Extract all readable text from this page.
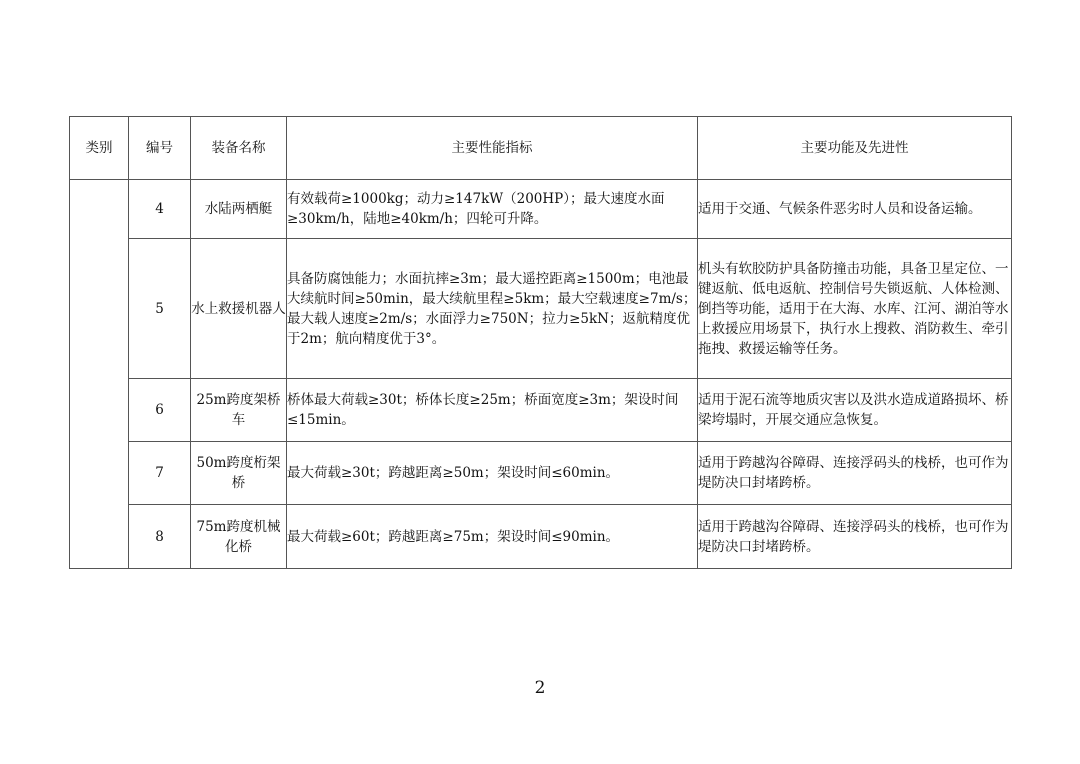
类别	编号	装备名称	主要性能指标	主要功能及先进性
	4	水陆两栖艇	有效载荷≥1000kg；动力≥147kW（200HP）；最大速度水面≥30km/h，陆地≥40km/h；四轮可升降。	适用于交通、气候条件恶劣时人员和设备运输。
	5	水上救援机器人	具备防腐蚀能力；水面抗摔≥3m；最大遥控距离≥1500m；电池最大续航时间≥50min，最大续航里程≥5km；最大空载速度≥7m/s；最大载人速度≥2m/s；水面浮力≥750N；拉力≥5kN；返航精度优于2m；航向精度优于3°。	机头有软胶防护具备防撞击功能，具备卫星定位、一键返航、低电返航、控制信号失锁返航、人体检测、倒挡等功能，适用于在大海、水库、江河、湖泊等水上救援应用场景下，执行水上搜救、消防救生、牵引拖拽、救援运输等任务。
	6	25m跨度架桥车	桥体最大荷载≥30t；桥体长度≥25m；桥面宽度≥3m；架设时间≤15min。	适用于泥石流等地质灾害以及洪水造成道路损坏、桥梁垮塌时，开展交通应急恢复。
	7	50m跨度桁架桥	最大荷载≥30t；跨越距离≥50m；架设时间≤60min。	适用于跨越沟谷障碍、连接浮码头的栈桥，也可作为堤防决口封堵跨桥。
	8	75m跨度机械化桥	最大荷载≥60t；跨越距离≥75m；架设时间≤90min。	适用于跨越沟谷障碍、连接浮码头的栈桥，也可作为堤防决口封堵跨桥。
2
